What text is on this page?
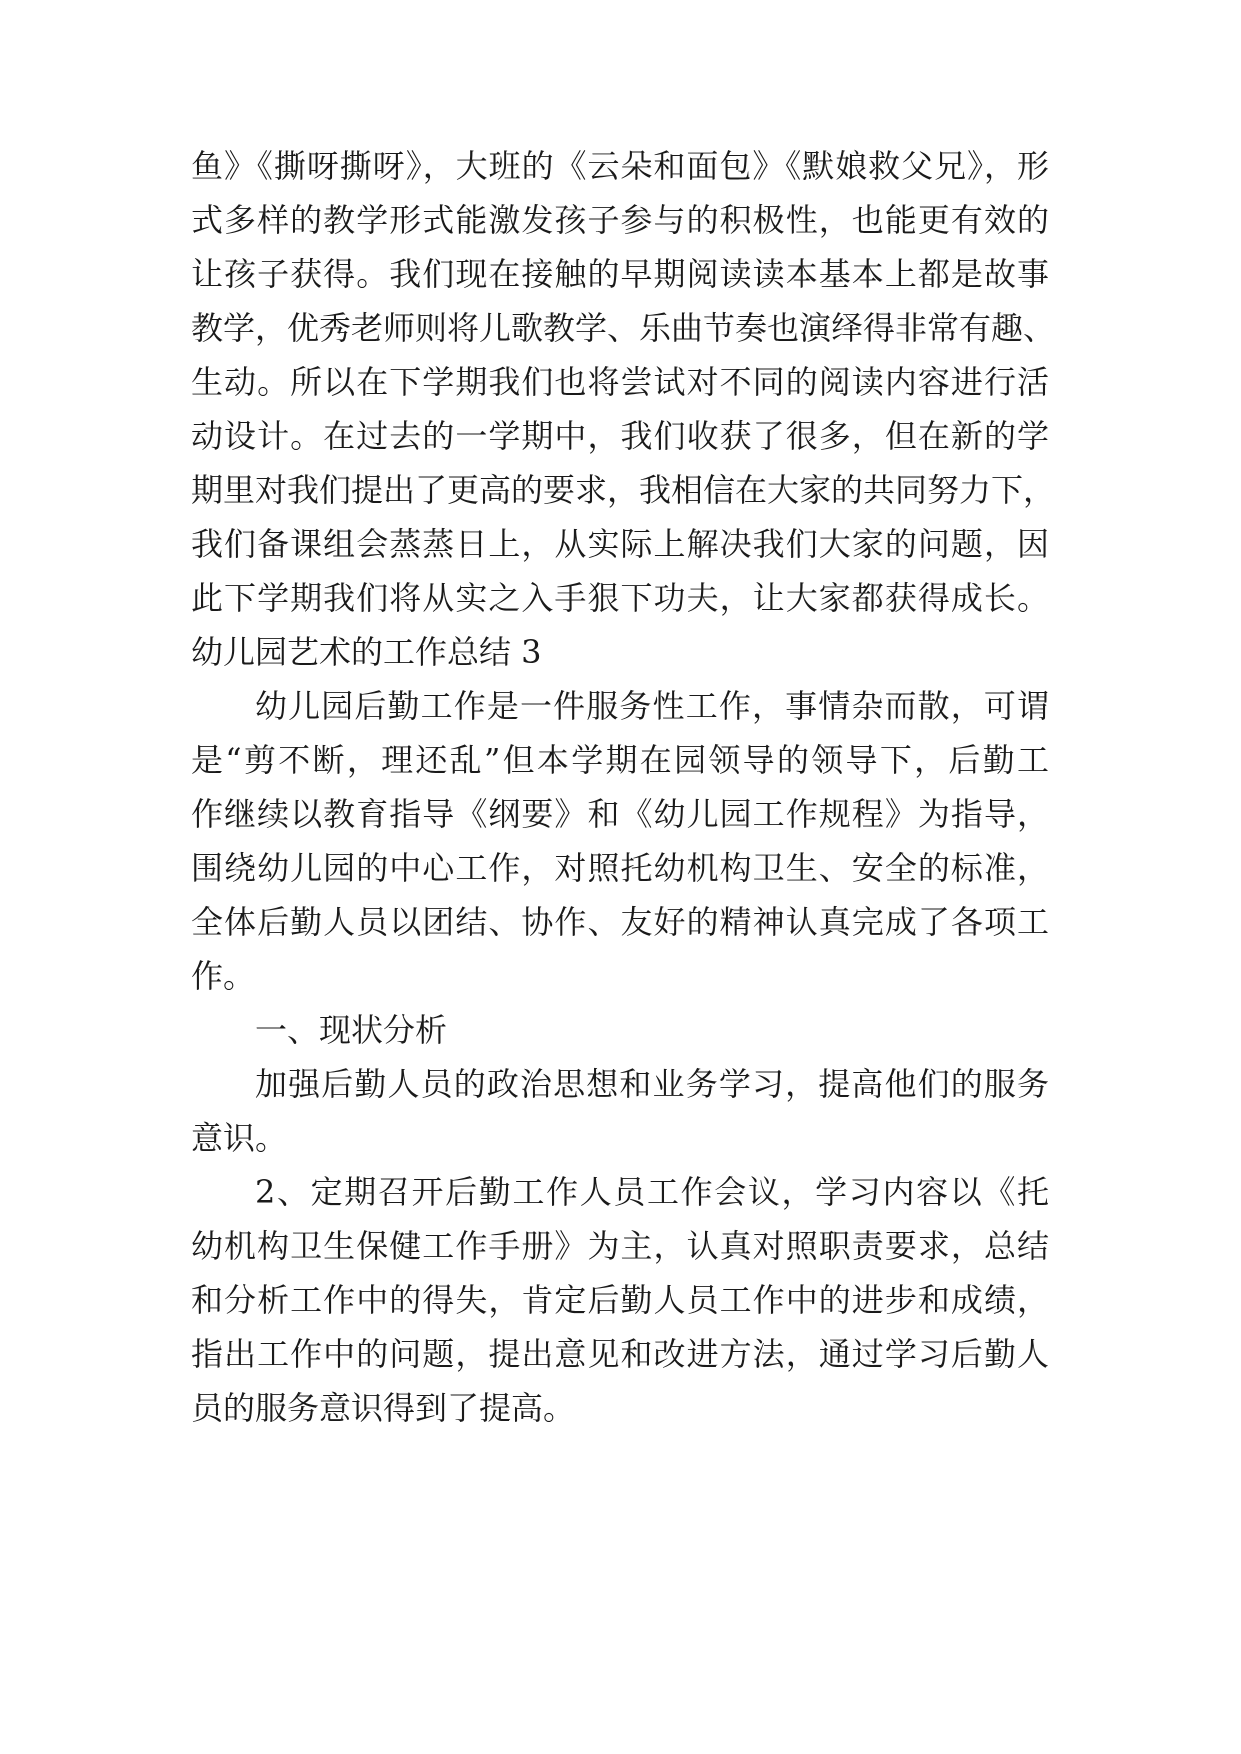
鱼》《撕呀撕呀》，大班的《云朵和面包》《默娘救父兄》，形
式多样的教学形式能激发孩子参与的积极性，也能更有效的
让孩子获得。我们现在接触的早期阅读读本基本上都是故事
教学，优秀老师则将儿歌教学、乐曲节奏也演绎得非常有趣、
生动。所以在下学期我们也将尝试对不同的阅读内容进行活
动设计。在过去的一学期中，我们收获了很多，但在新的学
期里对我们提出了更高的要求，我相信在大家的共同努力下，
我们备课组会蒸蒸日上，从实际上解决我们大家的问题，因
此下学期我们将从实之入手狠下功夫，让大家都获得成长。
幼儿园艺术的工作总结 3
幼儿园后勤工作是一件服务性工作，事情杂而散，可谓
是“剪不断，理还乱”但本学期在园领导的领导下，后勤工
作继续以教育指导《纲要》和《幼儿园工作规程》为指导，
围绕幼儿园的中心工作，对照托幼机构卫生、安全的标准，
全体后勤人员以团结、协作、友好的精神认真完成了各项工
作。
一、现状分析
加强后勤人员的政治思想和业务学习，提高他们的服务
意识。
2、定期召开后勤工作人员工作会议，学习内容以《托
幼机构卫生保健工作手册》为主，认真对照职责要求，总结
和分析工作中的得失，肯定后勤人员工作中的进步和成绩，
指出工作中的问题，提出意见和改进方法，通过学习后勤人
员的服务意识得到了提高。
